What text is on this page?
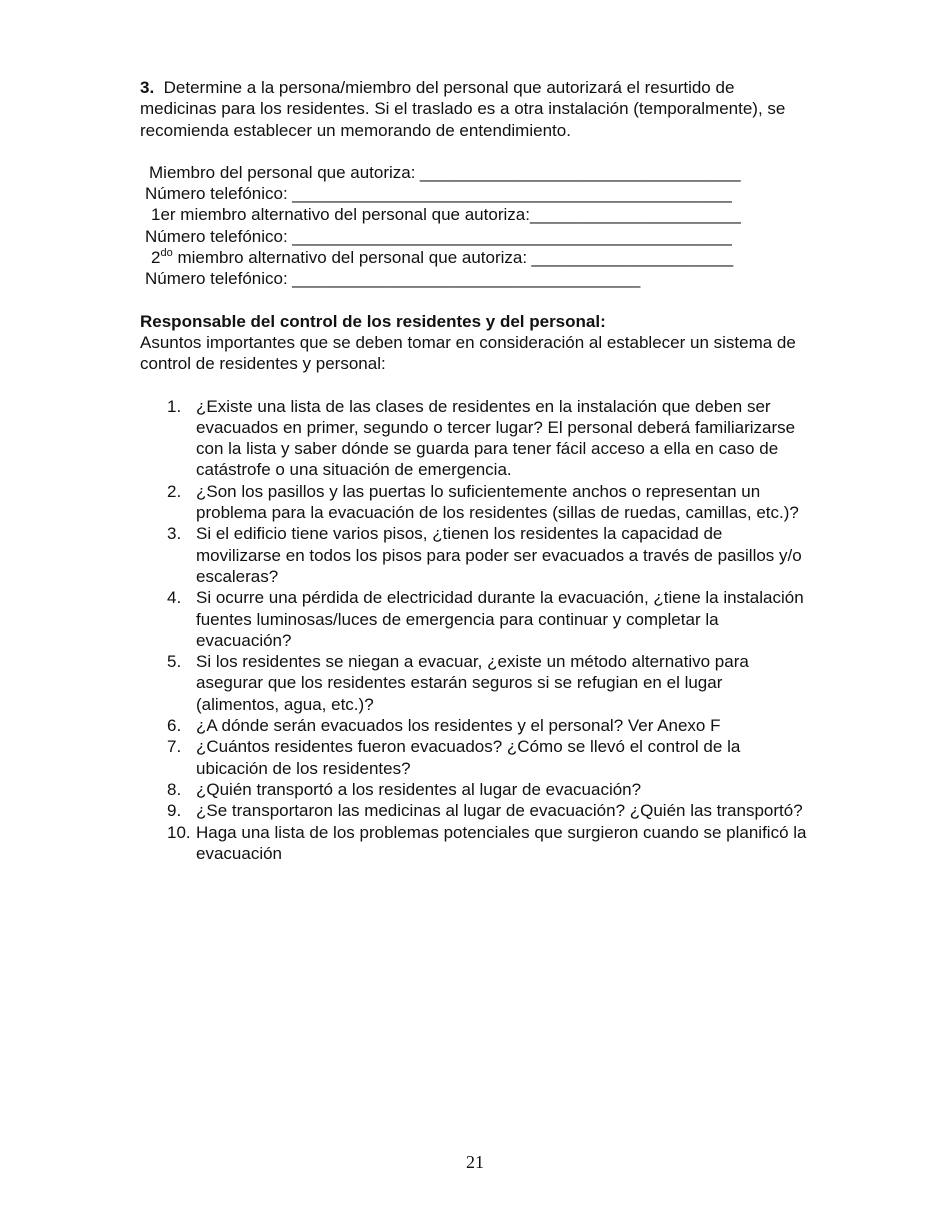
3. Determine a la persona/miembro del personal que autorizará el resurtido de medicinas para los residentes. Si el traslado es a otra instalación (temporalmente), se recomienda establecer un memorando de entendimiento.

Miembro del personal que autoriza: ___________________________________
Número telefónico: ________________________________________________
1er miembro alternativo del personal que autoriza:_______________________
Número telefónico: ________________________________________________
$2^{do}$ miembro alternativo del personal que autoriza: ______________________
Número telefónico: ______________________________________

Responsable del control de los residentes y del personal:

Asuntos importantes que se deben tomar en consideración al establecer un sistema de control de residentes y personal:

1. ¿Existe una lista de las clases de residentes en la instalación que deben ser evacuados en primer, segundo o tercer lugar? El personal deberá familiarizarse con la lista y saber dónde se guarda para tener fácil acceso a ella en caso de catástrofe o una situación de emergencia.
2. ¿Son los pasillos y las puertas lo suficientemente anchos o representan un problema para la evacuación de los residentes (sillas de ruedas, camillas, etc.)?
3. Si el edificio tiene varios pisos, ¿tienen los residentes la capacidad de movilizarse en todos los pisos para poder ser evacuados a través de pasillos y/o escaleras?
4. Si ocurre una pérdida de electricidad durante la evacuación, ¿tiene la instalación fuentes luminosas/luces de emergencia para continuar y completar la evacuación?
5. Si los residentes se niegan a evacuar, ¿existe un método alternativo para asegurar que los residentes estarán seguros si se refugian en el lugar (alimentos, agua, etc.)?
6. ¿A dónde serán evacuados los residentes y el personal? Ver Anexo F
7. ¿Cuántos residentes fueron evacuados? ¿Cómo se llevó el control de la ubicación de los residentes?
8. ¿Quién transportó a los residentes al lugar de evacuación?
9. ¿Se transportaron las medicinas al lugar de evacuación? ¿Quién las transportó?
10. Haga una lista de los problemas potenciales que surgieron cuando se planificó la evacuación
21
